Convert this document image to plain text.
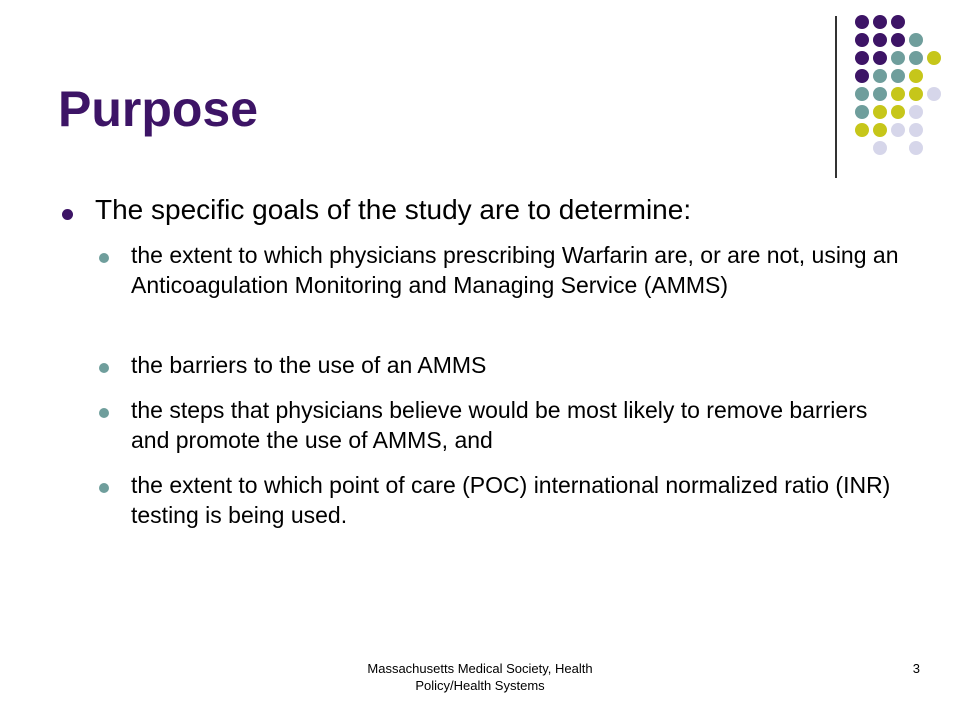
Purpose
The specific goals of the study are to determine:
the extent to which physicians prescribing Warfarin are, or are not, using an Anticoagulation Monitoring and Managing Service (AMMS)
the barriers to the use of an AMMS
the steps that physicians believe would be most likely to remove barriers and promote the use of AMMS, and
the extent to which point of care (POC) international normalized ratio (INR) testing is being used.
Massachusetts Medical Society, Health Policy/Health Systems
3
